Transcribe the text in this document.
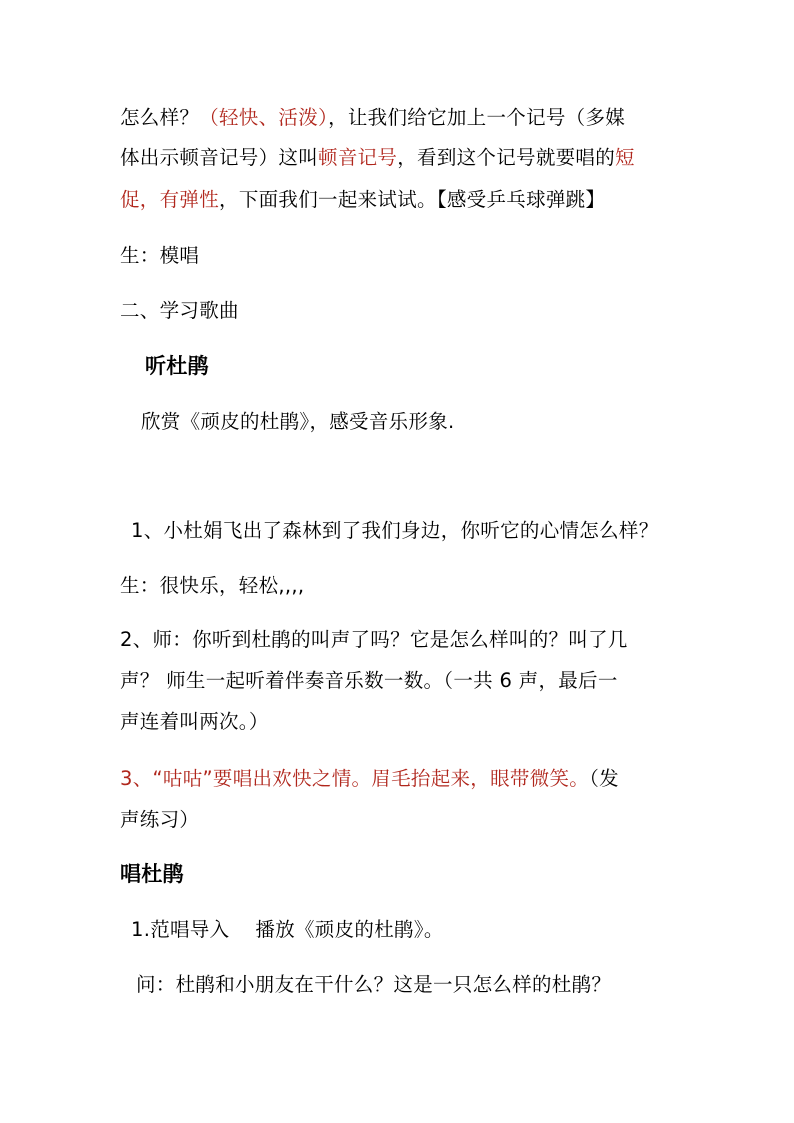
怎么样？（轻快、活泼），让我们给它加上一个记号（多媒
体出示顿音记号）这叫顿音记号，看到这个记号就要唱的短
促，有弹性，下面我们一起来试试。【感受乒乓球弹跳】
生：模唱
二、学习歌曲
听杜鹃
欣赏《顽皮的杜鹃》，感受音乐形象.
1、小杜娟飞出了森林到了我们身边，你听它的心情怎么样？
生：很快乐，轻松,,,,
2、师：你听到杜鹃的叫声了吗？它是怎么样叫的？叫了几
声？ 师生一起听着伴奏音乐数一数。（一共 6 声，最后一
声连着叫两次。）
3、“咕咕”要唱出欢快之情。眉毛抬起来，眼带微笑。（发
声练习）
唱杜鹃
1.范唱导入    播放《顽皮的杜鹃》。
问：杜鹃和小朋友在干什么？这是一只怎么样的杜鹃？
